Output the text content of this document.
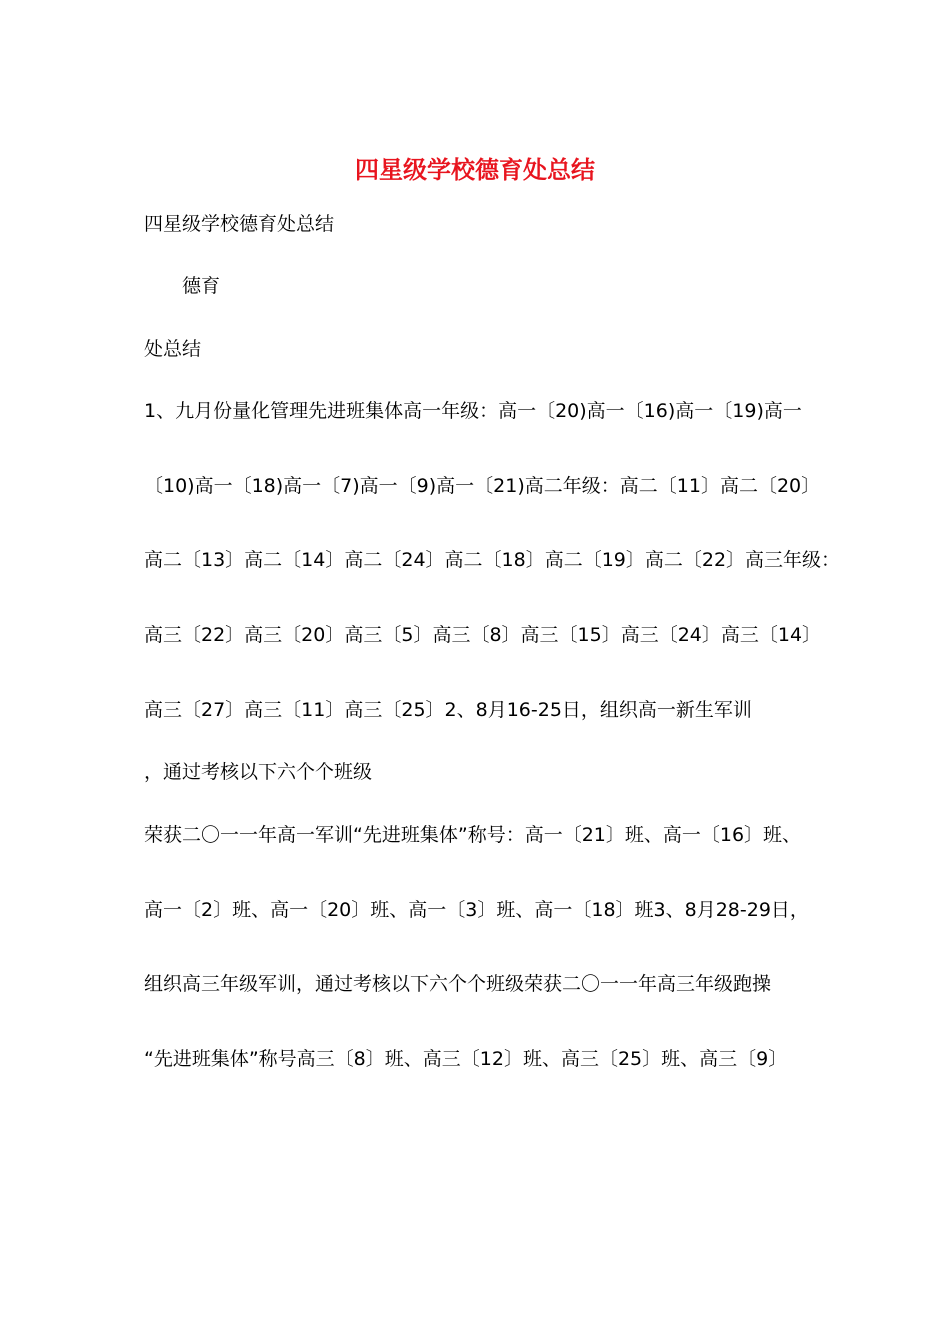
四星级学校德育处总结
四星级学校德育处总结
德育
处总结
1、九月份量化管理先进班集体高一年级：高一〔20)高一〔16)高一〔19)高一
〔10)高一〔18)高一〔7)高一〔9)高一〔21)高二年级：高二〔11〕高二〔20〕
高二〔13〕高二〔14〕高二〔24〕高二〔18〕高二〔19〕高二〔22〕高三年级：
高三〔22〕高三〔20〕高三〔5〕高三〔8〕高三〔15〕高三〔24〕高三〔14〕
高三〔27〕高三〔11〕高三〔25〕2、8月16-25日，组织高一新生军训
，通过考核以下六个个班级
荣获二〇一一年高一军训“先进班集体”称号：高一〔21〕班、高一〔16〕班、
高一〔2〕班、高一〔20〕班、高一〔3〕班、高一〔18〕班3、8月28-29日，
组织高三年级军训，通过考核以下六个个班级荣获二〇一一年高三年级跑操
“先进班集体”称号高三〔8〕班、高三〔12〕班、高三〔25〕班、高三〔9〕
